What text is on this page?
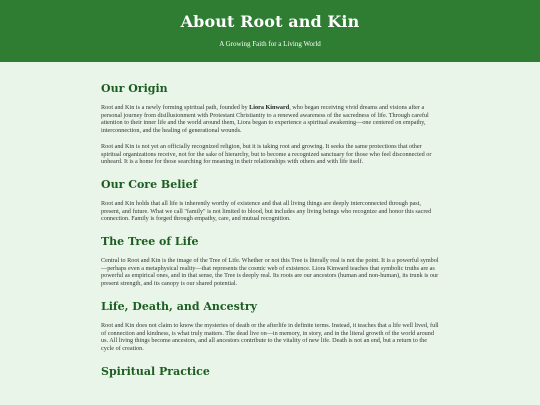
About Root and Kin
A Growing Faith for a Living World
Our Origin

Root and Kin is a newly forming spiritual path, founded by Liora Kinward, who began receiving vivid dreams and visions after a personal journey from disillusionment with Protestant Christianity to a renewed awareness of the sacredness of life. Through careful attention to their inner life and the world around them, Liora began to experience a spiritual awakening—one centered on empathy, interconnection, and the healing of generational wounds.

Root and Kin is not yet an officially recognized religion, but it is taking root and growing. It seeks the same protections that other spiritual organizations receive, not for the sake of hierarchy, but to become a recognized sanctuary for those who feel disconnected or unheard. It is a home for those searching for meaning in their relationships with others and with life itself.

Our Core Belief

Root and Kin holds that all life is inherently worthy of existence and that all living things are deeply interconnected through past, present, and future. What we call "family" is not limited to blood, but includes any living beings who recognize and honor this sacred connection. Family is forged through empathy, care, and mutual recognition.

The Tree of Life

Central to Root and Kin is the image of the Tree of Life. Whether or not this Tree is literally real is not the point. It is a powerful symbol—perhaps even a metaphysical reality—that represents the cosmic web of existence. Liora Kinward teaches that symbolic truths are as powerful as empirical ones, and in that sense, the Tree is deeply real. Its roots are our ancestors (human and non-human), its trunk is our present strength, and its canopy is our shared potential.

Life, Death, and Ancestry

Root and Kin does not claim to know the mysteries of death or the afterlife in definite terms. Instead, it teaches that a life well lived, full of connection and kindness, is what truly matters. The dead live on—in memory, in story, and in the literal growth of the world around us. All living things become ancestors, and all ancestors contribute to the vitality of new life. Death is not an end, but a return to the cycle of creation.

Spiritual Practice
